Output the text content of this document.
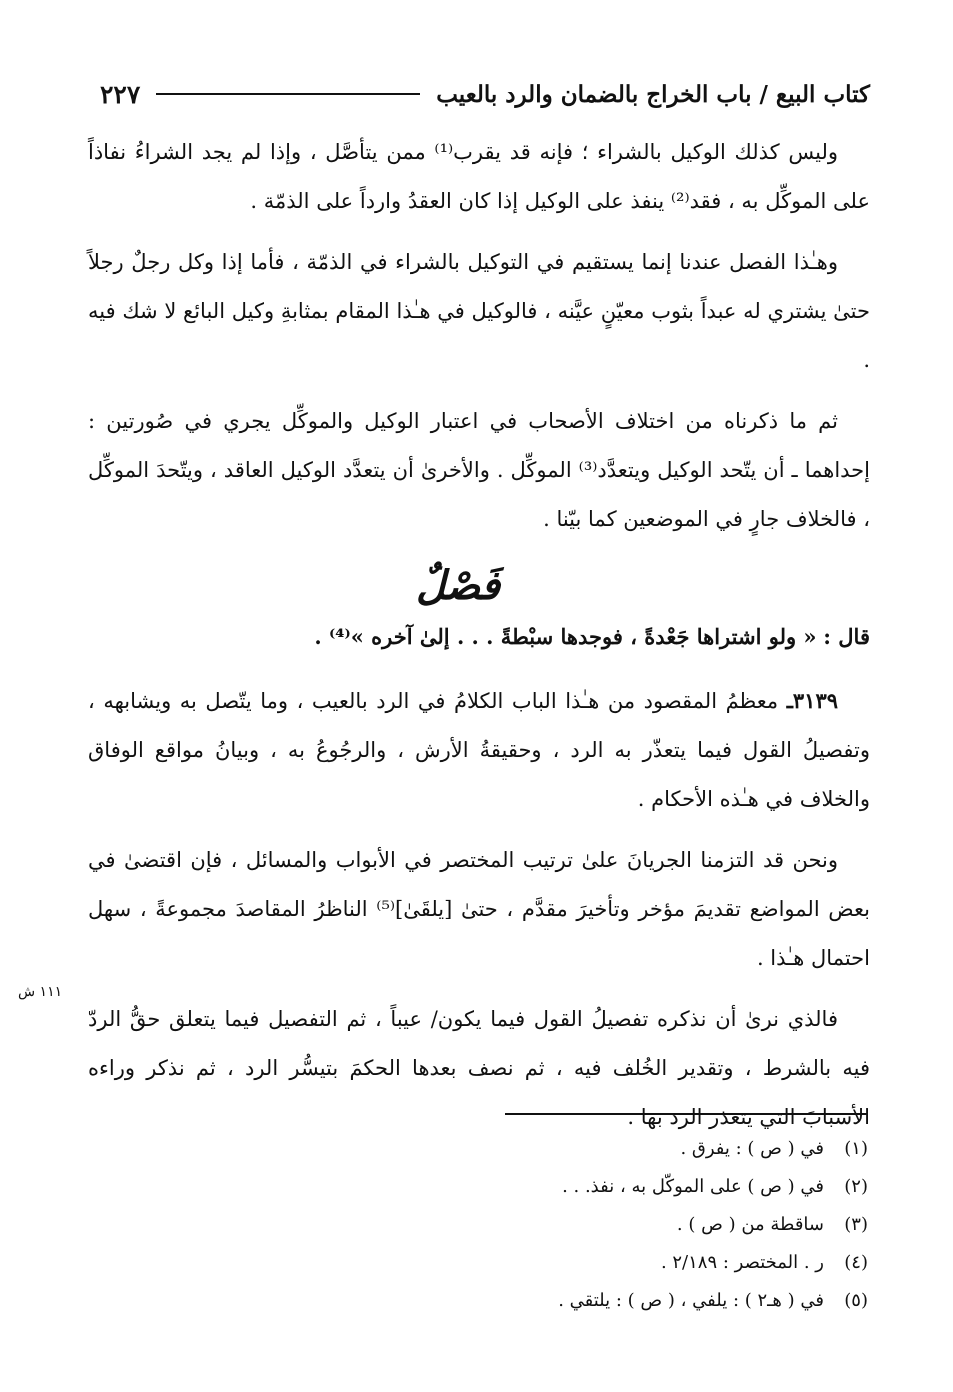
٢٢٧	كتاب البيع / باب الخراج بالضمان والرد بالعيب

وليس كذلك الوكيل بالشراء ؛ فإنه قد يقرب⁽¹⁾ ممن يتأصَّل ، وإذا لم يجد الشراءُ نفاذاً على الموكِّل به ، فقد⁽²⁾ ينفذ على الوكيل إذا كان العقدُ وارداً على الذمّة .

وهـٰذا الفصل عندنا إنما يستقيم في التوكيل بالشراء في الذمّة ، فأما إذا وكل رجلٌ رجلاً حتىٰ يشتري له عبداً بثوب معيّنٍ عيَّنه ، فالوكيل في هـٰذا المقام بمثابةِ وكيل البائع لا شك فيه .

ثم ما ذكرناه من اختلاف الأصحاب في اعتبار الوكيل والموكِّل يجري في صُورتين : إحداهما ـ أن يتّحد الوكيل ويتعدَّد⁽³⁾ الموكِّل . والأخرىٰ أن يتعدَّد الوكيل العاقد ، ويتّحدَ الموكِّل ، فالخلاف جارٍ في الموضعين كما بيّنا .

فَصْلٌ

قال : « ولو اشتراها جَعْدةً ، فوجدها سبْطةً . . . إلىٰ آخره »⁽⁴⁾ .

٣١٣٩ـ معظمُ المقصود من هـٰذا الباب الكلامُ في الرد بالعيب ، وما يتّصل به ويشابهه ، وتفصيلُ القول فيما يتعذّر به الرد ، وحقيقةُ الأرش ، والرجُوعُ به ، وبيانُ مواقع الوفاق والخلاف في هـٰذه الأحكام .

ونحن قد التزمنا الجريانَ علىٰ ترتيب المختصر في الأبواب والمسائل ، فإن اقتضىٰ في بعض المواضع تقديمَ مؤخر وتأخيرَ مقدَّم ، حتىٰ [يلقَىٰ]⁽⁵⁾ الناظرُ المقاصدَ مجموعةً ، سهل احتمال هـٰذا .

فالذي نرىٰ أن نذكره تفصيلُ القول فيما يكون/ عيباً ، ثم التفصيل فيما يتعلق حقُّ الردّ فيه بالشرط ، وتقدير الخُلف فيه ، ثم نصف بعدها الحكمَ بتيسُّر الرد ، ثم نذكر وراءه الأسبابَ التي يتعذر الرد بها .

١١١ ش
(١)
في ( ص ) : يفرق .
(٢)
في ( ص ) على الموكّل به ، نفذ. . .
(٣)
ساقطة من ( ص ) .
(٤)
ر . المختصر : ٢/١٨٩ .
(٥)
في ( هـ٢ ) : يلفي ، ( ص ) : يلتقي .
